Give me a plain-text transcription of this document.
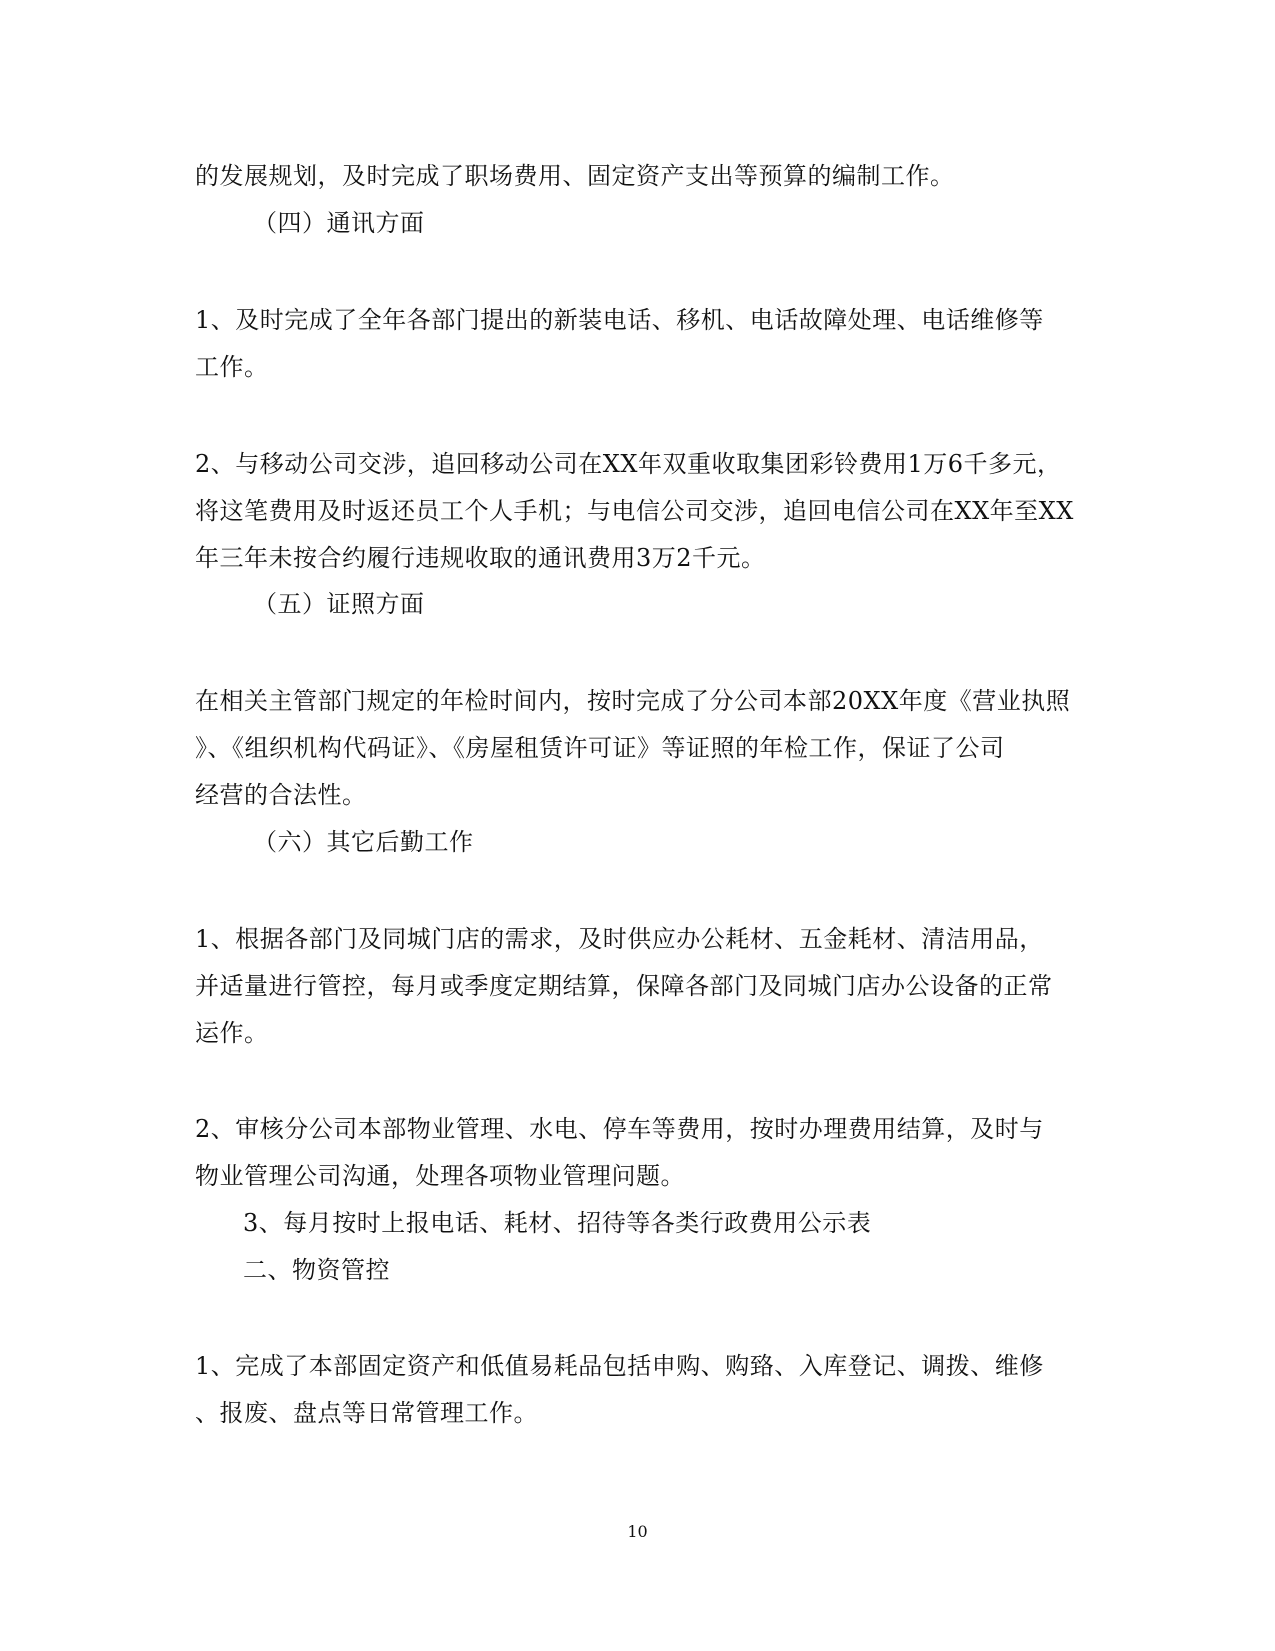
的发展规划，及时完成了职场费用、固定资产支出等预算的编制工作。
（四）通讯方面
1、及时完成了全年各部门提出的新装电话、移机、电话故障处理、电话维修等
工作。
2、与移动公司交涉，追回移动公司在XX年双重收取集团彩铃费用1万6千多元，
将这笔费用及时返还员工个人手机；与电信公司交涉，追回电信公司在XX年至XX
年三年未按合约履行违规收取的通讯费用3万2千元。
（五）证照方面
在相关主管部门规定的年检时间内，按时完成了分公司本部20XX年度《营业执照
》、《组织机构代码证》、《房屋租赁许可证》等证照的年检工作，保证了公司
经营的合法性。
（六）其它后勤工作
1、根据各部门及同城门店的需求，及时供应办公耗材、五金耗材、清洁用品，
并适量进行管控，每月或季度定期结算，保障各部门及同城门店办公设备的正常
运作。
2、审核分公司本部物业管理、水电、停车等费用，按时办理费用结算，及时与
物业管理公司沟通，处理各项物业管理问题。
3、每月按时上报电话、耗材、招待等各类行政费用公示表
二、物资管控
1、完成了本部固定资产和低值易耗品包括申购、购臵、入库登记、调拨、维修
、报废、盘点等日常管理工作。
10
